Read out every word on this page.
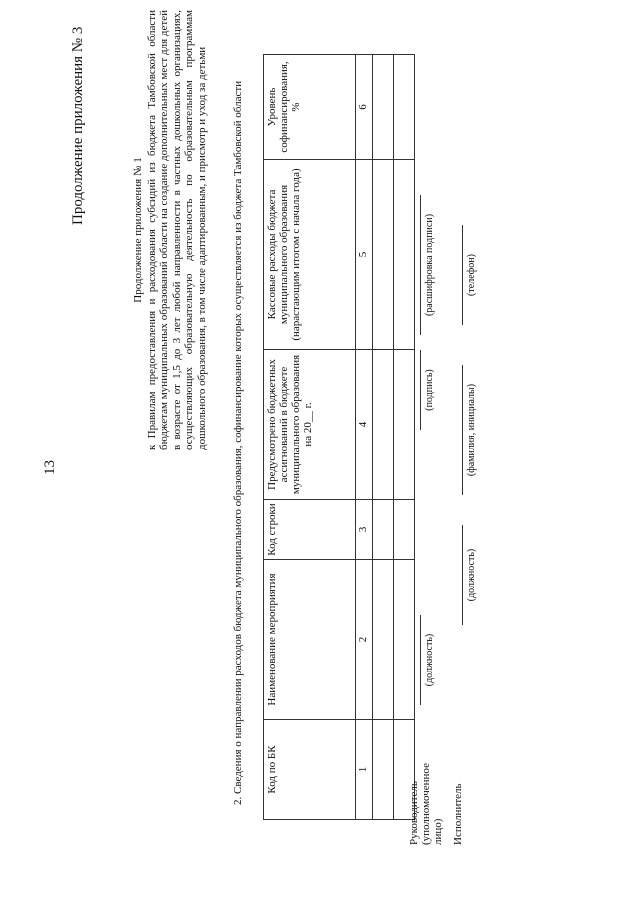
13
Продолжение приложения № 3
Продолжение приложения № 1 к Правилам предоставления и расходования субсидий из бюджета Тамбовской области бюджетам муниципальных образований области на создание дополнительных мест для детей в возрасте от 1,5 до 3 лет любой направленности в частных дошкольных организациях, осуществляющих образовательную деятельность по образовательным программам дошкольного образования, в том числе адаптированным, и присмотр и уход за детьми 2. Сведения о направлении расходов бюджета муниципального образования, софинансирование которых осуществляется из бюджета Тамбовской области Код по БК	Наименование мероприятия	Код строки	Предусмотрено бюджетных ассигнований в бюджете муниципального образования на 20__ г.	Кассовые расходы бюджета муниципального образования (нарастающим итогом с начала года)	Уровень софинансирования, %
1	2	3	4	5	6

Руководитель (уполномоченное лицо)
(должность)
(подпись)
(расшифровка подписи)
Исполнитель
(должность)
(фамилия, инициалы)
(телефон)
